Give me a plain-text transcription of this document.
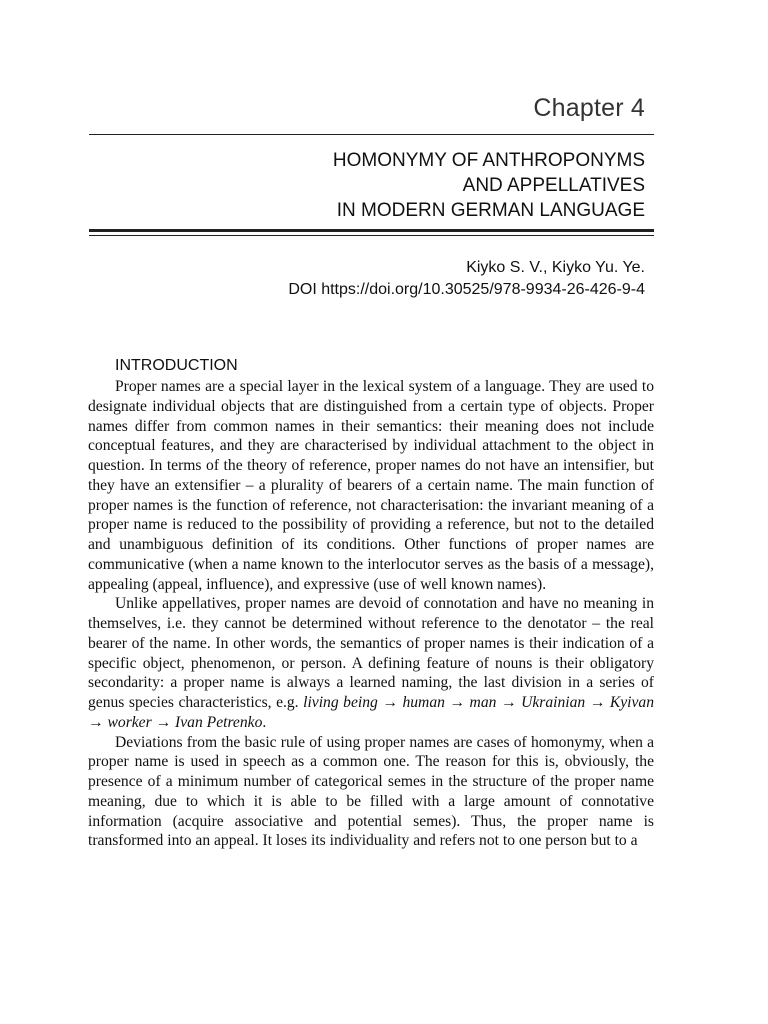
Chapter 4
HOMONYMY OF ANTHROPONYMS
AND APPELLATIVES
IN MODERN GERMAN LANGUAGE
Kiyko S. V., Kiyko Yu. Ye.
DOI https://doi.org/10.30525/978-9934-26-426-9-4
INTRODUCTION

Proper names are a special layer in the lexical system of a language. They are used to designate individual objects that are distinguished from a certain type of objects. Proper names differ from common names in their semantics: their meaning does not include conceptual features, and they are characterised by individual attachment to the object in question. In terms of the theory of reference, proper names do not have an intensifier, but they have an extensifier – a plurality of bearers of a certain name. The main function of proper names is the function of reference, not characterisation: the invariant meaning of a proper name is reduced to the possibility of providing a reference, but not to the detailed and unambiguous definition of its conditions. Other functions of proper names are communicative (when a name known to the interlocutor serves as the basis of a message), appealing (appeal, influence), and expressive (use of well known names).

Unlike appellatives, proper names are devoid of connotation and have no meaning in themselves, i.e. they cannot be determined without reference to the denotator – the real bearer of the name. In other words, the semantics of proper names is their indication of a specific object, phenomenon, or person. A defining feature of nouns is their obligatory secondarity: a proper name is always a learned naming, the last division in a series of genus species characteristics, e.g. living being → human → man → Ukrainian → Kyivan → worker → Ivan Petrenko.

Deviations from the basic rule of using proper names are cases of homonymy, when a proper name is used in speech as a common one. The reason for this is, obviously, the presence of a minimum number of categorical semes in the structure of the proper name meaning, due to which it is able to be filled with a large amount of connotative information (acquire associative and potential semes). Thus, the proper name is transformed into an appeal. It loses its individuality and refers not to one person but to a
